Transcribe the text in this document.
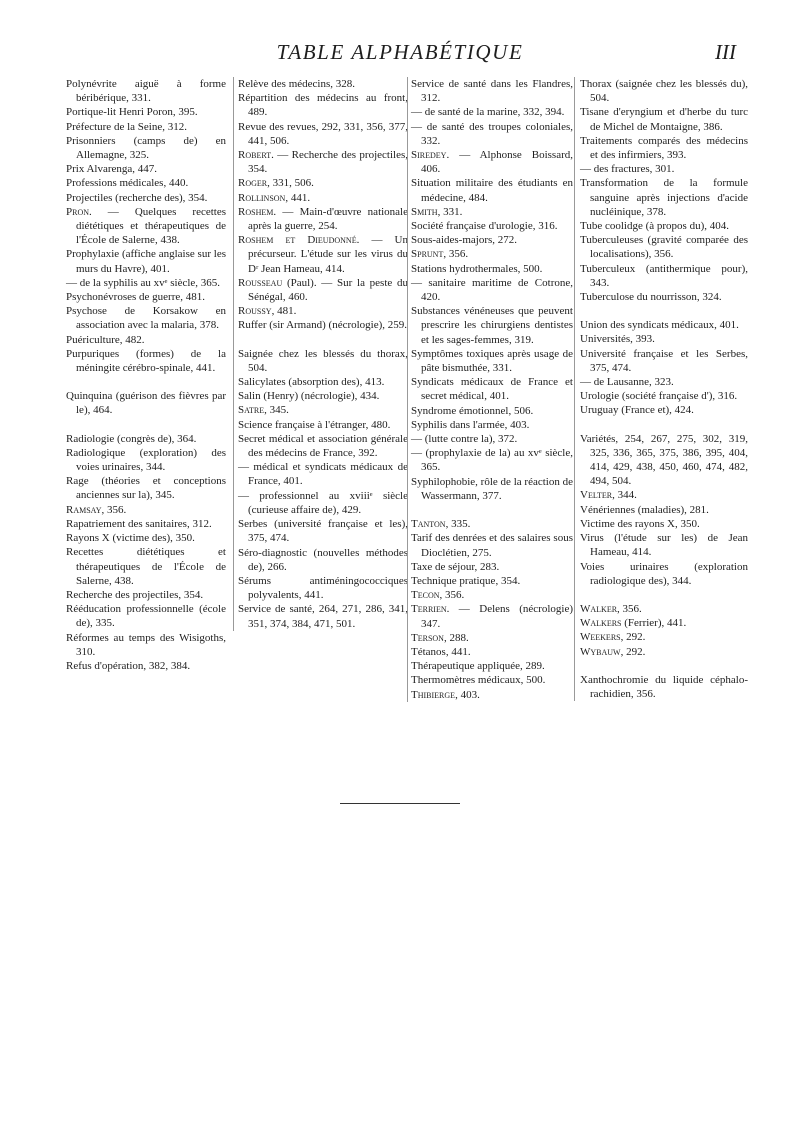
TABLE ALPHABÉTIQUE	III
Polynévrite aiguë à forme béribérique, 331.
Portique-lit Henri Poron, 395.
Préfecture de la Seine, 312.
Prisonniers (camps de) en Allemagne, 325.
Prix Alvarenga, 447.
Professions médicales, 440.
Projectiles (recherche des), 354.
Pron. — Quelques recettes diététiques et thérapeutiques de l'École de Salerne, 438.
Prophylaxie (affiche anglaise sur les murs du Havre), 401.
— de la syphilis au xvᵉ siècle, 365.
Psychonévroses de guerre, 481.
Psychose de Korsakow en association avec la malaria, 378.
Puériculture, 482.
Purpuriques (formes) de la méningite cérébro-spinale, 441.
Quinquina (guérison des fièvres par le), 464.
Radiologie (congrès de), 364.
Radiologique (exploration) des voies urinaires, 344.
Rage (théories et conceptions anciennes sur la), 345.
Ramsay, 356.
Rapatriement des sanitaires, 312.
Rayons X (victime des), 350.
Recettes diététiques et thérapeutiques de l'École de Salerne, 438.
Recherche des projectiles, 354.
Rééducation professionnelle (école de), 335.
Réformes au temps des Wisigoths, 310.
Refus d'opération, 382, 384.
Relève des médecins, 328.
Répartition des médecins au front, 489.
Revue des revues, 292, 331, 356, 377, 441, 506.
Robert. — Recherche des projectiles, 354.
Roger, 331, 506.
Rollinson, 441.
Roshem. — Main-d'œuvre nationale après la guerre, 254.
Roshem et Dieudonné. — Un précurseur. L'étude sur les virus du Dʳ Jean Hameau, 414.
Rousseau (Paul). — Sur la peste du Sénégal, 460.
Roussy, 481.
Ruffer (sir Armand) (nécrologie), 259.
Saignée chez les blessés du thorax, 504.
Salicylates (absorption des), 413.
Salin (Henry) (nécrologie), 434.
Satre, 345.
Science française à l'étranger, 480.
Secret médical et association générale des médecins de France, 392.
— médical et syndicats médicaux de France, 401.
— professionnel au xviiiᵉ siècle (curieuse affaire de), 429.
Serbes (université française et les), 375, 474.
Séro-diagnostic (nouvelles méthodes de), 266.
Sérums antiméningococciques polyvalents, 441.
Service de santé, 264, 271, 286, 341, 351, 374, 384, 471, 501.
Service de santé dans les Flandres, 312.
— de santé de la marine, 332, 394.
— de santé des troupes coloniales, 332.
Siredey. — Alphonse Boissard, 406.
Situation militaire des étudiants en médecine, 484.
Smith, 331.
Société française d'urologie, 316.
Sous-aides-majors, 272.
Sprunt, 356.
Stations hydrothermales, 500.
— sanitaire maritime de Cotrone, 420.
Substances vénéneuses que peuvent prescrire les chirurgiens dentistes et les sages-femmes, 319.
Symptômes toxiques après usage de pâte bismuthée, 331.
Syndicats médicaux de France et secret médical, 401.
Syndrome émotionnel, 506.
Syphilis dans l'armée, 403.
— (lutte contre la), 372.
— (prophylaxie de la) au xvᵉ siècle, 365.
Syphilophobie, rôle de la réaction de Wassermann, 377.
Tanton, 335.
Tarif des denrées et des salaires sous Dioclétien, 275.
Taxe de séjour, 283.
Technique pratique, 354.
Tecon, 356.
Terrien. — Delens (nécrologie) 347.
Terson, 288.
Tétanos, 441.
Thérapeutique appliquée, 289.
Thermomètres médicaux, 500.
Thibierge, 403.
Thorax (saignée chez les blessés du), 504.
Tisane d'eryngium et d'herbe du turc de Michel de Montaigne, 386.
Traitements comparés des médecins et des infirmiers, 393.
— des fractures, 301.
Transformation de la formule sanguine après injections d'acide nucléinique, 378.
Tube coolidge (à propos du), 404.
Tuberculeuses (gravité comparée des localisations), 356.
Tuberculeux (antithermique pour), 343.
Tuberculose du nourrisson, 324.
Union des syndicats médicaux, 401.
Universités, 393.
Université française et les Serbes, 375, 474.
— de Lausanne, 323.
Urologie (société française d'), 316.
Uruguay (France et), 424.
Variétés, 254, 267, 275, 302, 319, 325, 336, 365, 375, 386, 395, 404, 414, 429, 438, 450, 460, 474, 482, 494, 504.
Velter, 344.
Vénériennes (maladies), 281.
Victime des rayons X, 350.
Virus (l'étude sur les) de Jean Hameau, 414.
Voies urinaires (exploration radiologique des), 344.
Walker, 356.
Walkers (Ferrier), 441.
Weekers, 292.
Wybauw, 292.
Xanthochromie du liquide céphalo-rachidien, 356.
